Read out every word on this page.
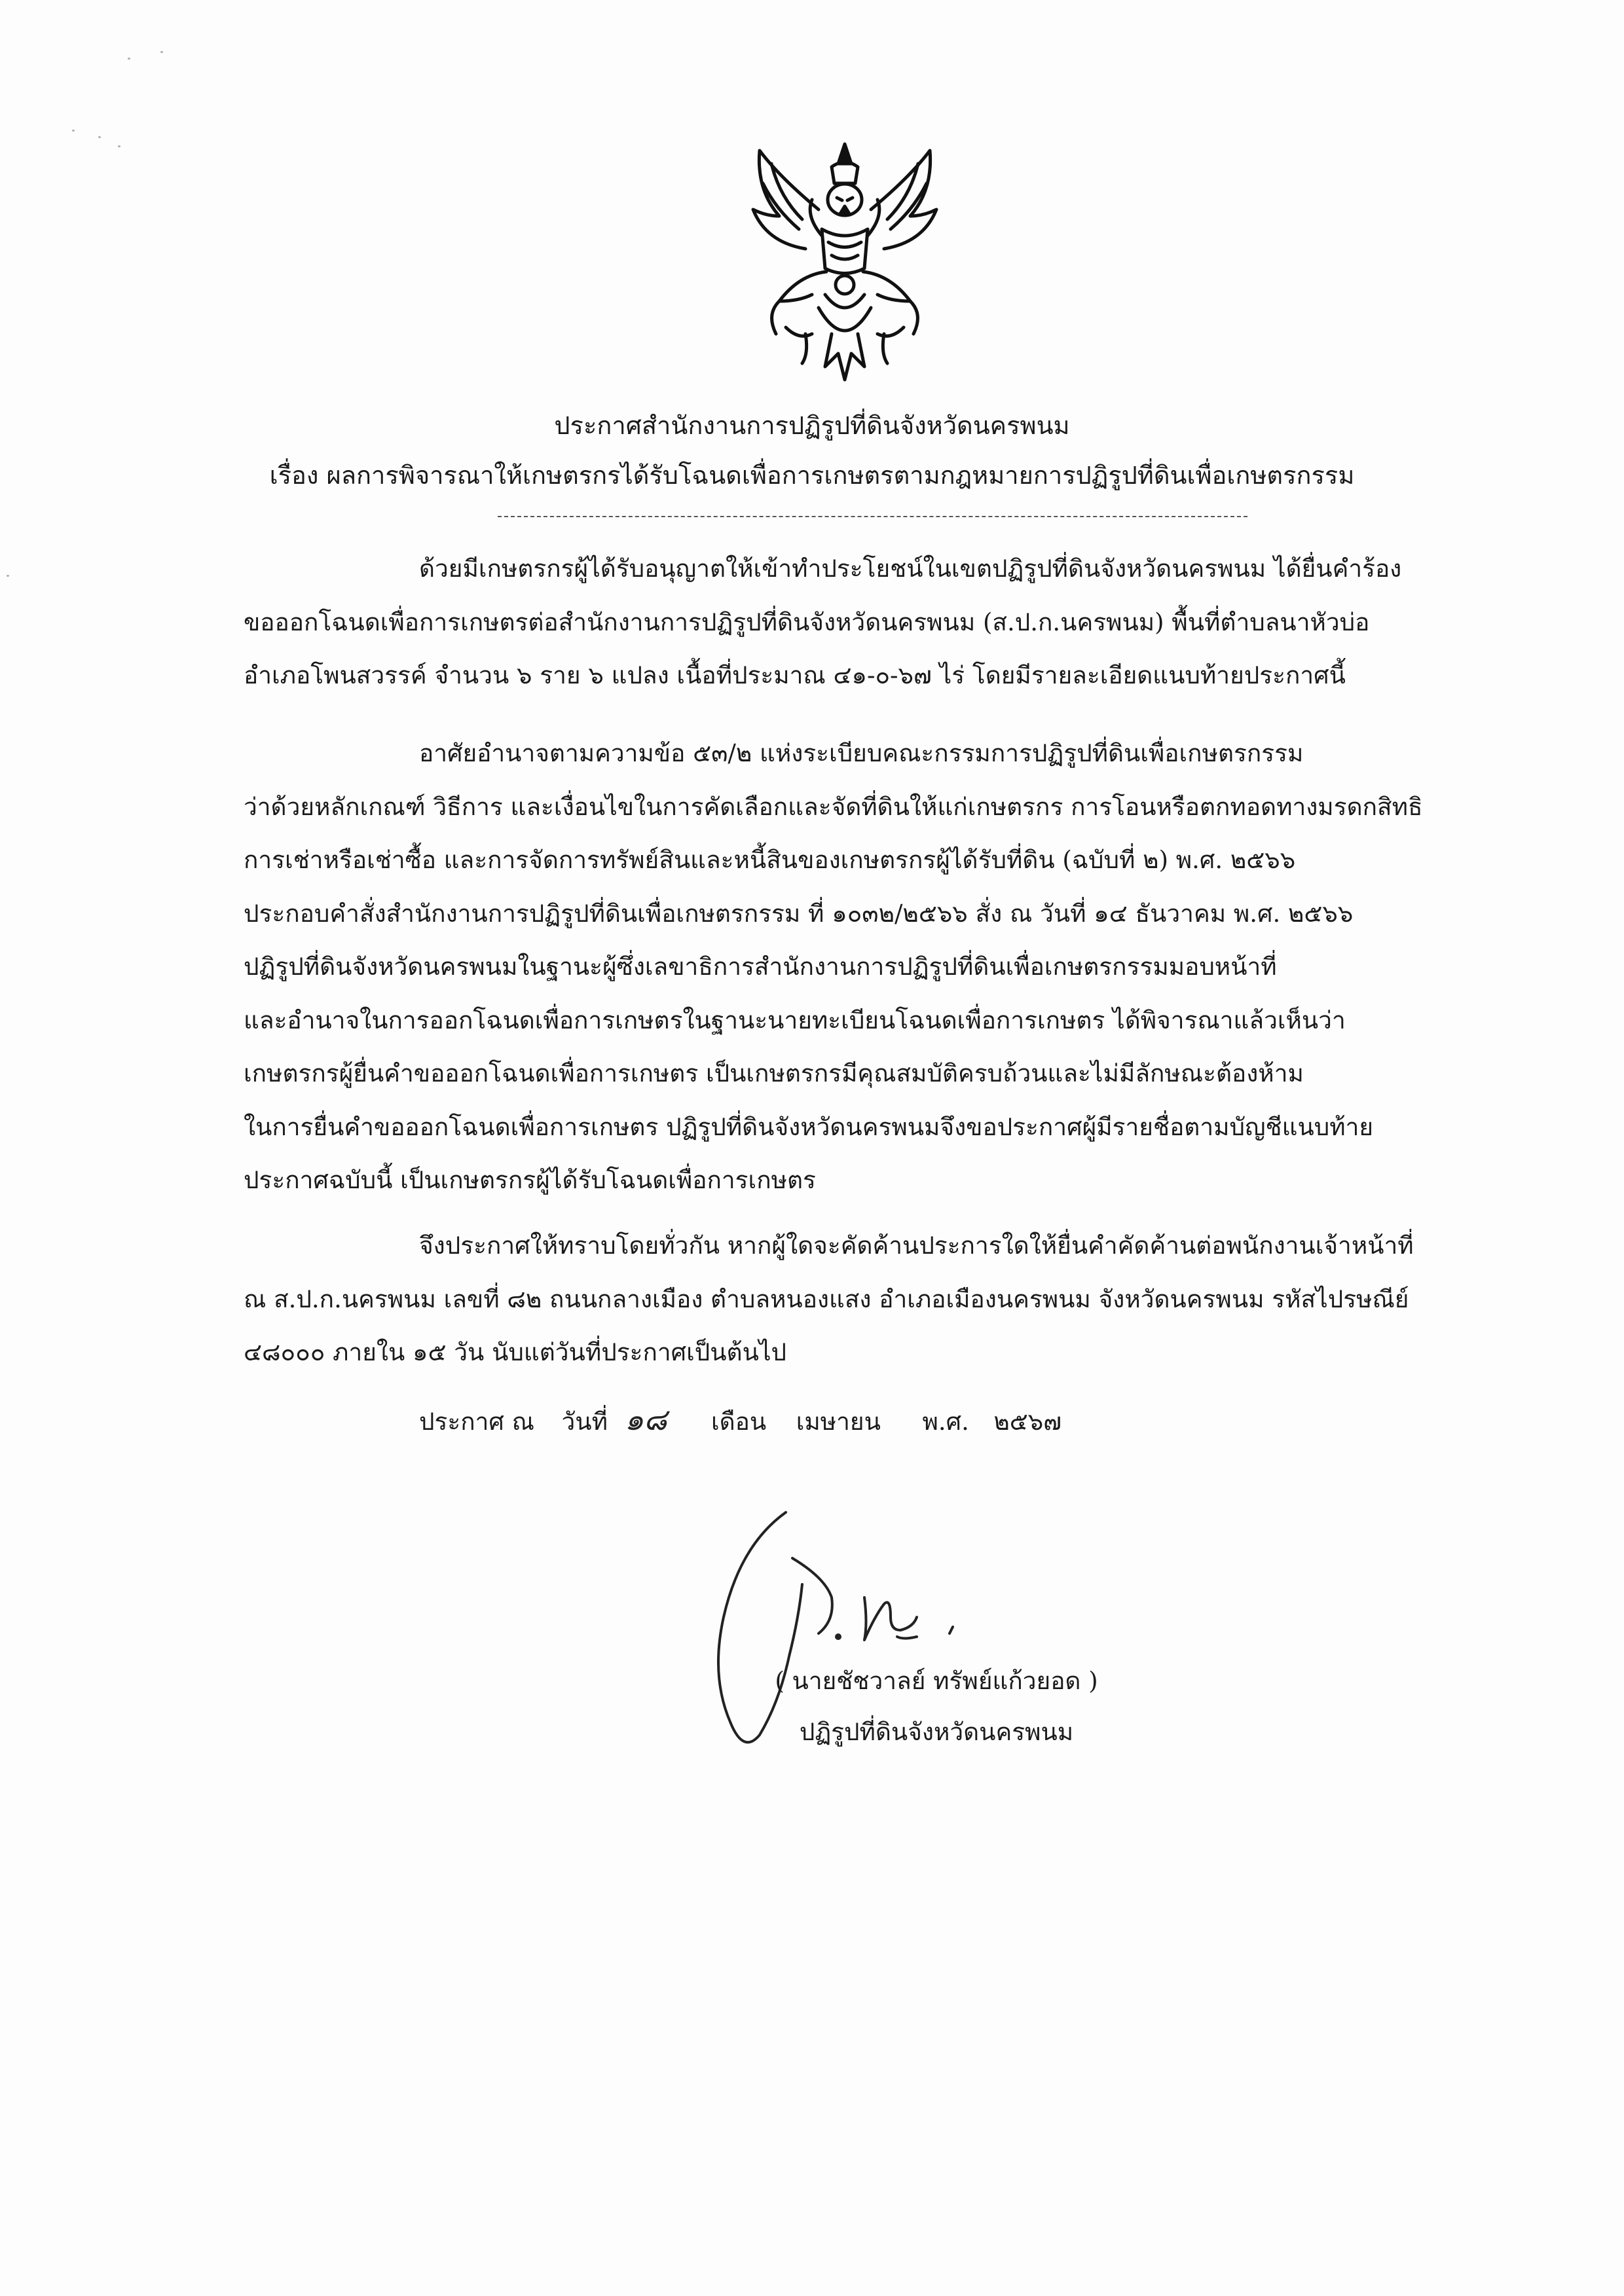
ประกาศสำนักงานการปฏิรูปที่ดินจังหวัดนครพนม
เรื่อง ผลการพิจารณาให้เกษตรกรได้รับโฉนดเพื่อการเกษตรตามกฎหมายการปฏิรูปที่ดินเพื่อเกษตรกรรม
ด้วยมีเกษตรกรผู้ได้รับอนุญาตให้เข้าทำประโยชน์ในเขตปฏิรูปที่ดินจังหวัดนครพนม ได้ยื่นคำร้อง
ขอออกโฉนดเพื่อการเกษตรต่อสำนักงานการปฏิรูปที่ดินจังหวัดนครพนม (ส.ป.ก.นครพนม) พื้นที่ตำบลนาหัวบ่อ
อำเภอโพนสวรรค์ จำนวน ๖ ราย ๖ แปลง เนื้อที่ประมาณ ๔๑-๐-๖๗ ไร่ โดยมีรายละเอียดแนบท้ายประกาศนี้
อาศัยอำนาจตามความข้อ ๕๓/๒ แห่งระเบียบคณะกรรมการปฏิรูปที่ดินเพื่อเกษตรกรรม
ว่าด้วยหลักเกณฑ์ วิธีการ และเงื่อนไขในการคัดเลือกและจัดที่ดินให้แก่เกษตรกร การโอนหรือตกทอดทางมรดกสิทธิ
การเช่าหรือเช่าซื้อ และการจัดการทรัพย์สินและหนี้สินของเกษตรกรผู้ได้รับที่ดิน (ฉบับที่ ๒) พ.ศ. ๒๕๖๖
ประกอบคำสั่งสำนักงานการปฏิรูปที่ดินเพื่อเกษตรกรรม ที่ ๑๐๓๒/๒๕๖๖ สั่ง ณ วันที่ ๑๔ ธันวาคม พ.ศ. ๒๕๖๖
ปฏิรูปที่ดินจังหวัดนครพนมในฐานะผู้ซึ่งเลขาธิการสำนักงานการปฏิรูปที่ดินเพื่อเกษตรกรรมมอบหน้าที่
และอำนาจในการออกโฉนดเพื่อการเกษตรในฐานะนายทะเบียนโฉนดเพื่อการเกษตร ได้พิจารณาแล้วเห็นว่า
เกษตรกรผู้ยื่นคำขอออกโฉนดเพื่อการเกษตร เป็นเกษตรกรมีคุณสมบัติครบถ้วนและไม่มีลักษณะต้องห้าม
ในการยื่นคำขอออกโฉนดเพื่อการเกษตร ปฏิรูปที่ดินจังหวัดนครพนมจึงขอประกาศผู้มีรายชื่อตามบัญชีแนบท้าย
ประกาศฉบับนี้ เป็นเกษตรกรผู้ได้รับโฉนดเพื่อการเกษตร
จึงประกาศให้ทราบโดยทั่วกัน หากผู้ใดจะคัดค้านประการใดให้ยื่นคำคัดค้านต่อพนักงานเจ้าหน้าที่
ณ ส.ป.ก.นครพนม เลขที่ ๘๒ ถนนกลางเมือง ตำบลหนองแสง อำเภอเมืองนครพนม จังหวัดนครพนม รหัสไปรษณีย์
๔๘๐๐๐ ภายใน ๑๕ วัน นับแต่วันที่ประกาศเป็นต้นไป
ประกาศ ณ วันที่ ๑๘ เดือน เมษายน พ.ศ. ๒๕๖๗
( นายชัชวาลย์ ทรัพย์แก้วยอด )
ปฏิรูปที่ดินจังหวัดนครพนม
